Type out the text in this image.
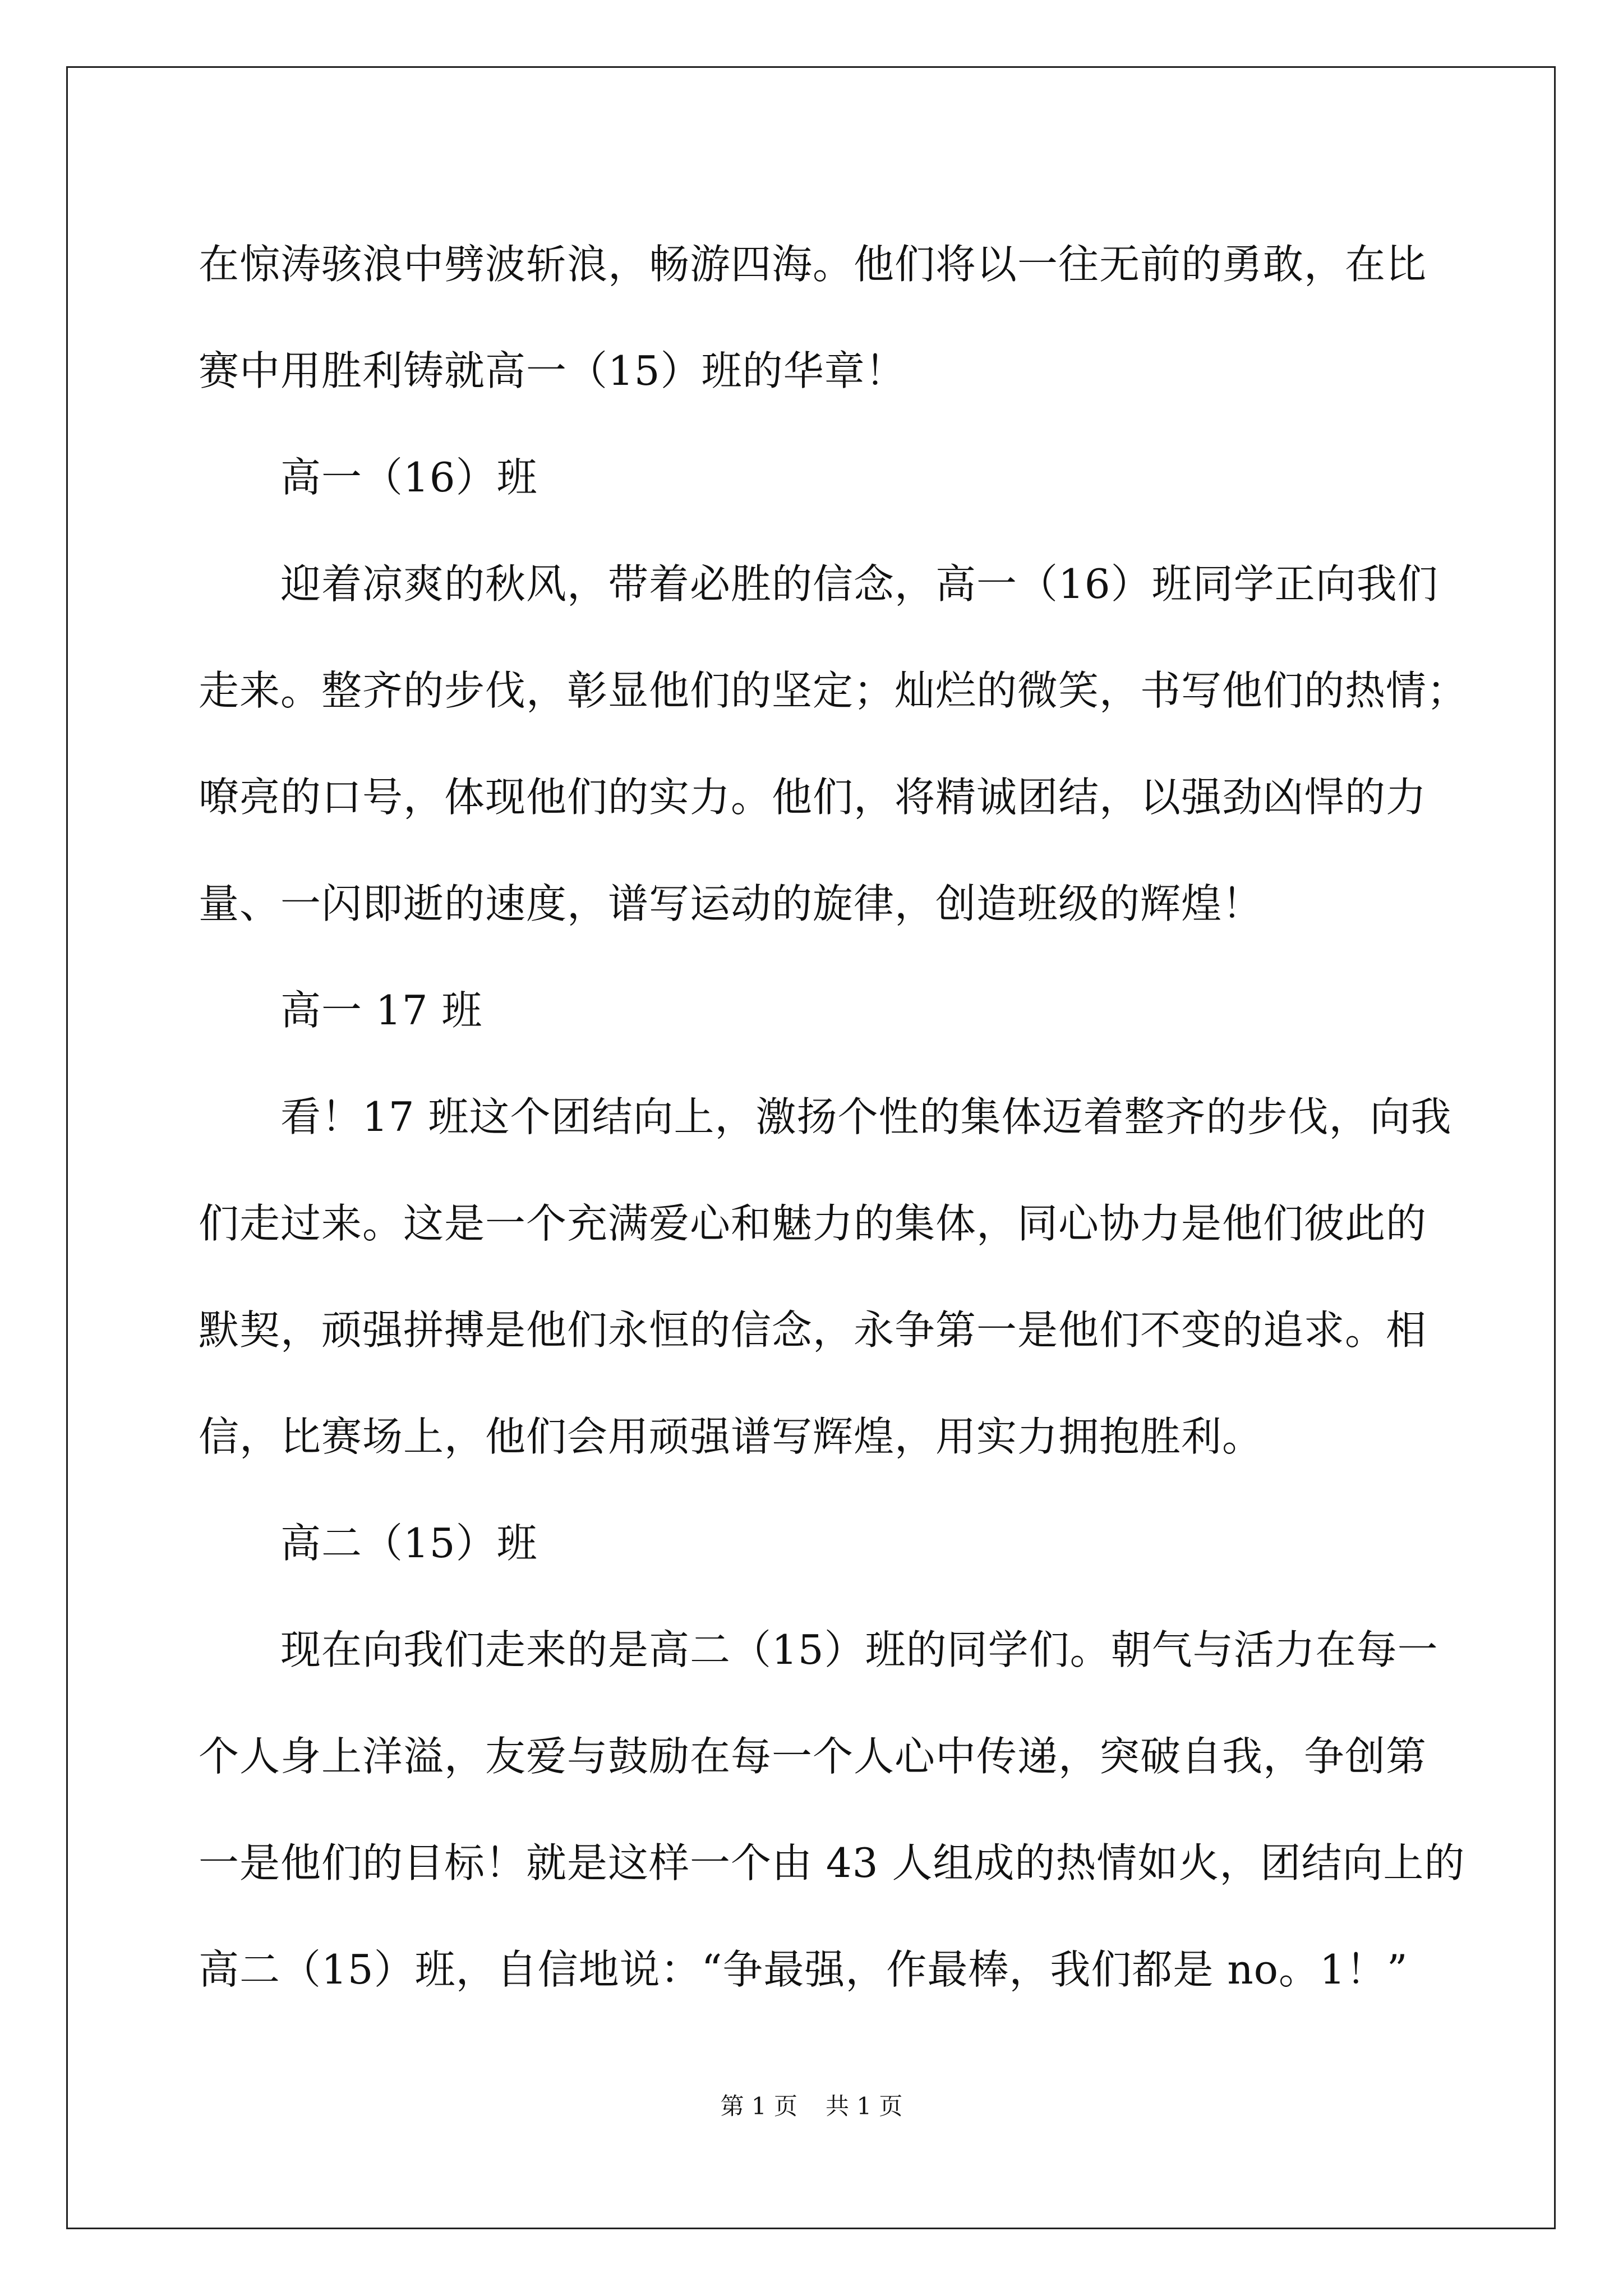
在惊涛骇浪中劈波斩浪，畅游四海。他们将以一往无前的勇敢，在比
赛中用胜利铸就高一（15）班的华章！
高一（16）班
迎着凉爽的秋风，带着必胜的信念，高一（16）班同学正向我们
走来。整齐的步伐，彰显他们的坚定；灿烂的微笑，书写他们的热情；
嘹亮的口号，体现他们的实力。他们，将精诚团结，以强劲凶悍的力
量、一闪即逝的速度，谱写运动的旋律，创造班级的辉煌！
高一 17 班
看！17 班这个团结向上，激扬个性的集体迈着整齐的步伐，向我
们走过来。这是一个充满爱心和魅力的集体，同心协力是他们彼此的
默契，顽强拼搏是他们永恒的信念，永争第一是他们不变的追求。相
信，比赛场上，他们会用顽强谱写辉煌，用实力拥抱胜利。
高二（15）班
现在向我们走来的是高二（15）班的同学们。朝气与活力在每一
个人身上洋溢，友爱与鼓励在每一个人心中传递，突破自我，争创第
一是他们的目标！就是这样一个由 43 人组成的热情如火，团结向上的
高二（15）班，自信地说：“争最强，作最棒，我们都是 no。1！”
第 1 页 共 1 页
